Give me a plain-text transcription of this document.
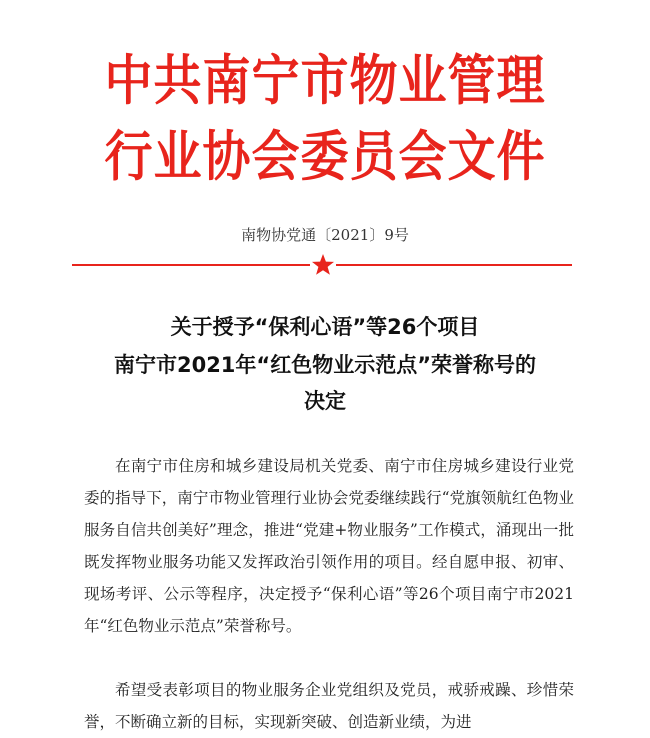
中共南宁市物业管理
行业协会委员会文件
南物协党通〔2021〕9号
关于授予“保利心语”等26个项目
南宁市2021年“红色物业示范点”荣誉称号的
决定
在南宁市住房和城乡建设局机关党委、南宁市住房城乡建设行业党委的指导下，南宁市物业管理行业协会党委继续践行“党旗领航红色物业　服务自信共创美好”理念，推进“党建+物业服务”工作模式，涌现出一批既发挥物业服务功能又发挥政治引领作用的项目。经自愿申报、初审、现场考评、公示等程序，决定授予“保利心语”等26个项目南宁市2021年“红色物业示范点”荣誉称号。
希望受表彰项目的物业服务企业党组织及党员，戒骄戒躁、珍惜荣誉，不断确立新的目标，实现新突破、创造新业绩，为进
